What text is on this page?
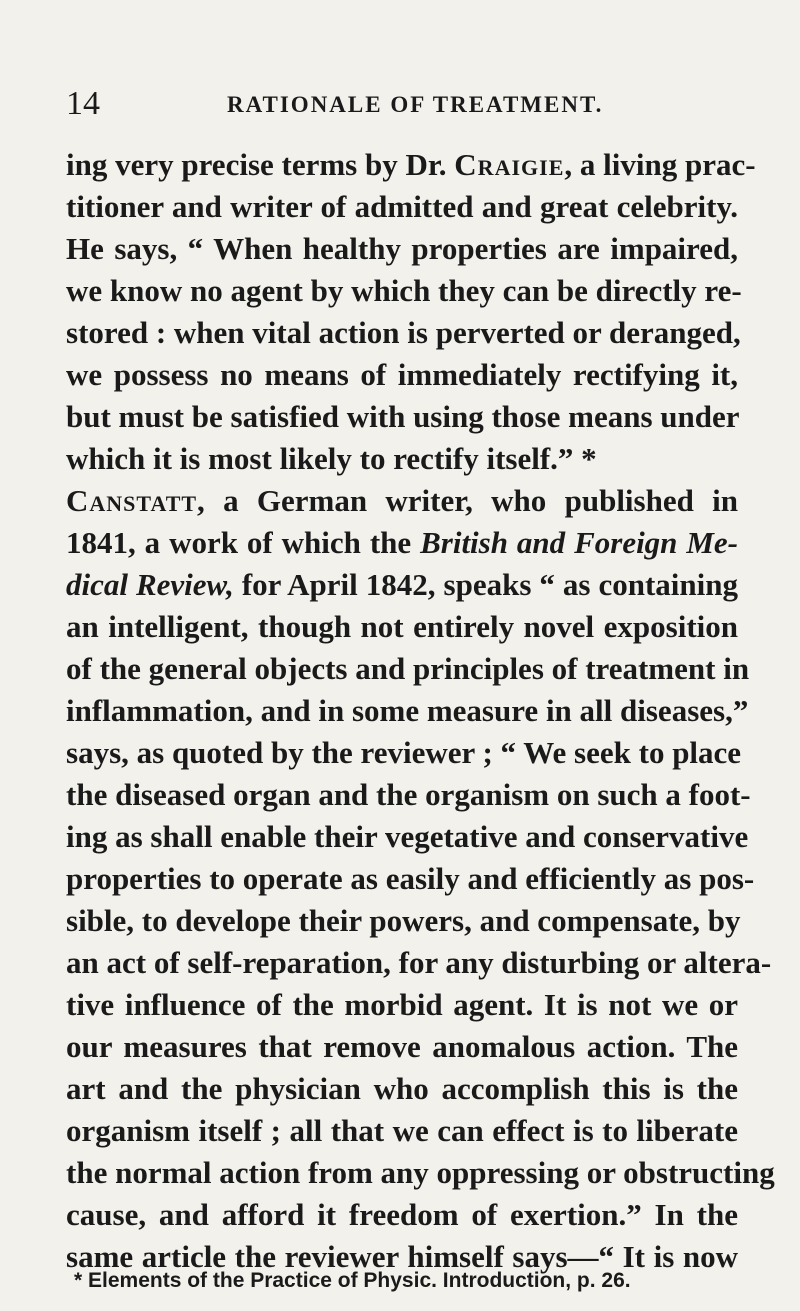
14	RATIONALE OF TREATMENT.
ing very precise terms by Dr. Craigie, a living prac-
titioner and writer of admitted and great celebrity.
He says, “ When healthy properties are impaired,
we know no agent by which they can be directly re-
stored : when vital action is perverted or deranged,
we possess no means of immediately rectifying it,
but must be satisfied with using those means under
which it is most likely to rectify itself.” *
Canstatt, a German writer, who published in
1841, a work of which the British and Foreign Me-
dical Review, for April 1842, speaks “ as containing
an intelligent, though not entirely novel exposition
of the general objects and principles of treatment in
inflammation, and in some measure in all diseases,”
says, as quoted by the reviewer ; “ We seek to place
the diseased organ and the organism on such a foot-
ing as shall enable their vegetative and conservative
properties to operate as easily and efficiently as pos-
sible, to develope their powers, and compensate, by
an act of self-reparation, for any disturbing or altera-
tive influence of the morbid agent. It is not we or
our measures that remove anomalous action. The
art and the physician who accomplish this is the
organism itself ; all that we can effect is to liberate
the normal action from any oppressing or obstructing
cause, and afford it freedom of exertion.” In the
same article the reviewer himself says—“ It is now
* Elements of the Practice of Physic. Introduction, p. 26.
